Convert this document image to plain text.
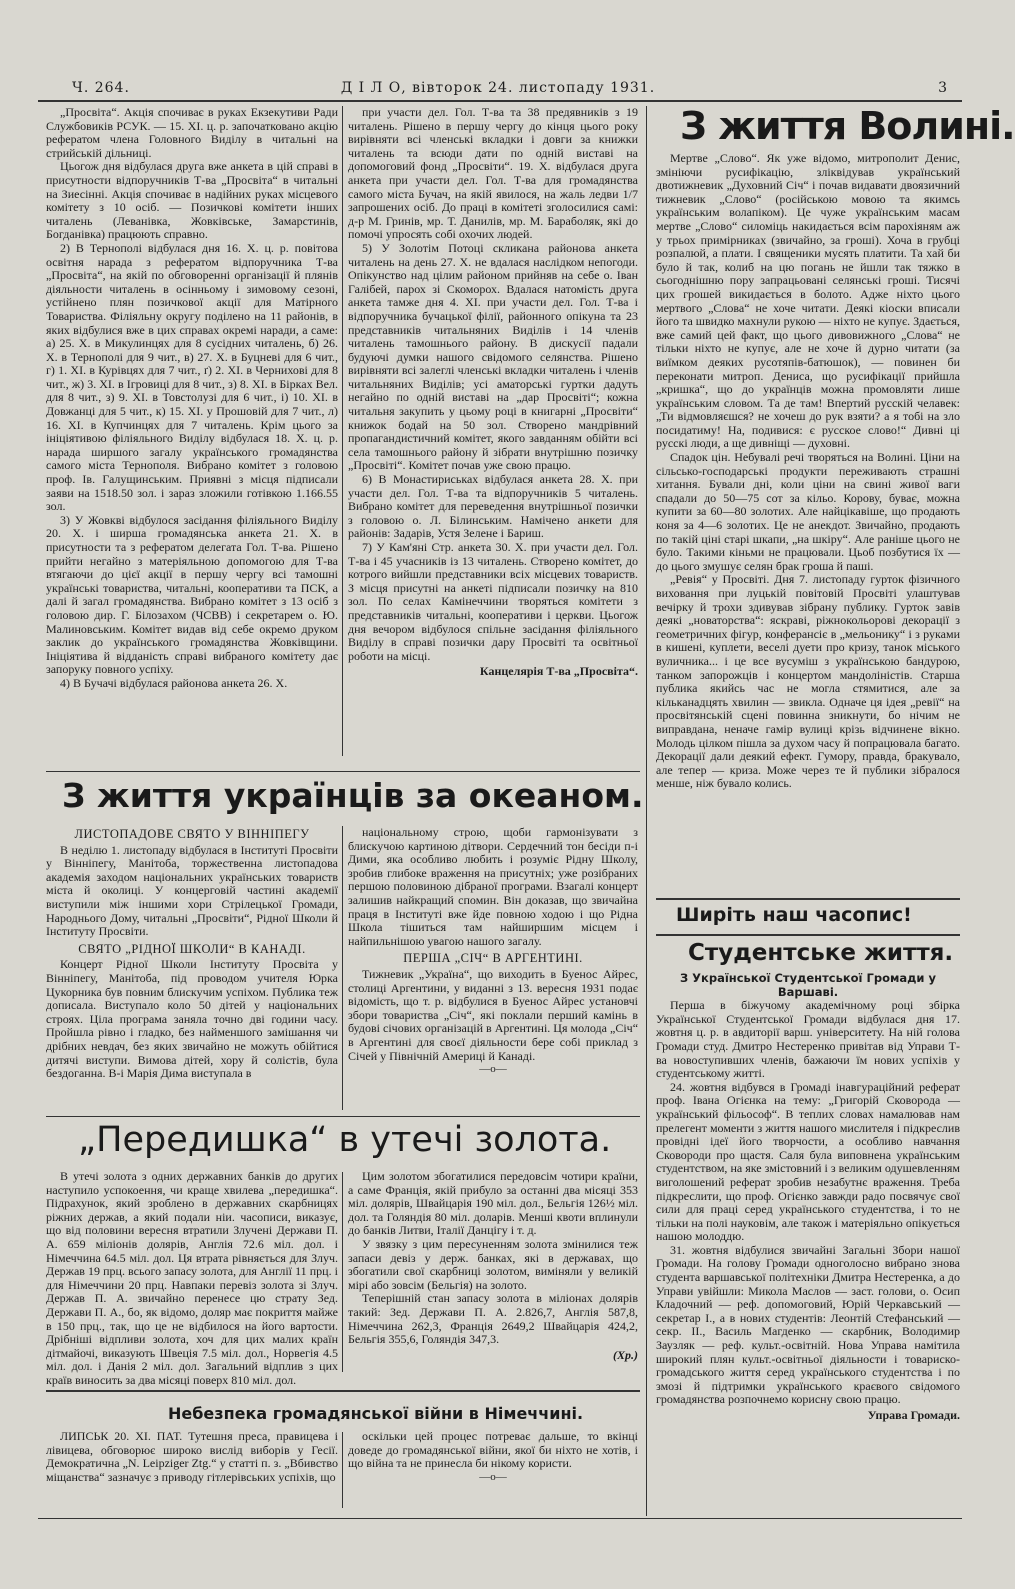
Ч. 264.	Д І Л О, вівторок 24. листопаду 1931.	3

„Просвіта“. Акція спочиває в руках Екзекутиви Ради Службовиків РСУК. — 15. XI. ц. р. започатковано акцію рефератом члена Головного Виділу в читальні на стрийській дільниці.

Цьогож дня відбулася друга вже анкета в цій справі в присутности відпоручників Т-ва „Просвіта“ в читальні на Зиесінні. Акція спочиває в надійних руках місцевого комітету з 10 осіб. — Позичкові комітети інших читалень (Леванівка, Жовківське, Замарстинів, Богданівка) працюють справно.

2) В Тернополі відбулася дня 16. X. ц. р. повітова освітня нарада з рефератом відпоручника Т-ва „Просвіта“, на якій по обговоренні організації й плянів діяльности читалень в осінньому і зимовому сезоні, устійнено плян позичкової акції для Матірного Товариства. Філіяльну округу поділено на 11 районів, в яких відбулися вже в цих справах окремі наради, а саме: а) 25. X. в Микулинцях для 8 сусідних читалень, б) 26. X. в Тернополі для 9 чит., в) 27. X. в Буцневі для 6 чит., г) 1. XI. в Курівцях для 7 чит., ґ) 2. XI. в Черниховi для 8 чит., ж) 3. XI. в Ігровиці для 8 чит., з) 8. XI. в Бірках Вел. для 8 чит., з) 9. XI. в Товстолузі для 6 чит., і) 10. XI. в Довжанці для 5 чит., к) 15. XI. у Прошовій для 7 чит., л) 16. XI. в Купчинцях для 7 читалень. Крім цього за ініціятивою філіяльного Виділу відбулася 18. X. ц. р. нарада ширшого загалу українського громадянства самого міста Тернополя. Вибрано комітет з головою проф. Ів. Галущинським. Приявні з місця підписали заяви на 1518.50 зол. і зараз зложили готівкою 1.166.55 зол.

3) У Жовкві відбулося засідання філіяльного Виділу 20. X. і ширша громадянська анкета 21. X. в присутности та з рефератом делегата Гол. Т-ва. Рішено прийти негайно з матеріяльною допомогою для Т-ва втягаючи до цієї акції в першу чергу всі тамошні українські товариства, читальні, кооперативи та ПСК, а далі й загал громадянства. Вибрано комітет з 13 осіб з головою дир. Г. Білозахом (ЧСВВ) і секретарем о. Ю. Малиновським. Комітет видав від себе окремо друком заклик до українського громадянства Жовківщини. Ініціятива й відданість справі вибраного комітету дає запоруку повного успіху.

4) В Бучачі відбулася районова анкета 26. X.

при участи дел. Гол. Т-ва та 38 предявників з 19 читалень. Рішено в першу чергу до кінця цього року вирівняти всі членські вкладки і довги за книжки читалень та всюди дати по одній виставі на допомоговий фонд „Просвіти“. 19. X. відбулася друга анкета при участи дел. Гол. Т-ва для громадянства самого міста Бучач, на якій явилося, на жаль ледви 1/7 запрошених осіб. До праці в комітеті зголосилися самі: д-р М. Гринів, мр. Т. Данилів, мр. М. Бараболяк, які до помочі упросять собі охочих людей.

5) У Золотім Потоці скликана районова анкета читалень на день 27. X. не вдалася наслідком непогоди. Опікунство над цілим районом прийняв на себе о. Іван Галібей, парох зі Скоморох. Вдалася натомість друга анкета тамже дня 4. XI. при участи дел. Гол. Т-ва і відпоручника бучацької філії, районного опікуна та 23 представників читальняних Виділів і 14 членів читалень тамошнього району. В дискусії падали будуючі думки нашого свідомого селянства. Рішено вирівняти всі залеглі членські вкладки читалень і членів читальняних Виділів; усі аматорські гуртки дадуть негайно по одній виставі на „дар Просвіті“; кожна читальня закупить у цьому році в книгарні „Просвіти“ книжок бодай на 50 зол. Створено мандрівний пропагандистичний комітет, якого завданням обійти всі села тамошнього району й зібрати внутрішню позичку „Просвіті“. Комітет почав уже свою працю.

6) В Монастириськах відбулася анкета 28. X. при участи дел. Гол. Т-ва та відпоручників 5 читалень. Вибрано комітет для переведення внутрішньої позички з головою о. Л. Білинським. Намічено анкети для районів: Задарів, Устя Зелене і Бариш.

7) У Кам'яні Стр. анкета 30. X. при участи дел. Гол. Т-ва і 45 учасників із 13 читалень. Створено комітет, до котрого вийшли представники всіх місцевих товариств. З місця присутні на анкеті підписали позичку на 810 зол. По селах Камінеччини творяться комітети з представників читальні, кооперативи і церкви. Цьогож дня вечором відбулося спільне засідання філіяльного Виділу в справі позички дару Просвіті та освітньої роботи на місці.

Канцелярія Т-ва „Просвіта“.

З життя Волині.

Мертве „Слово“. Як уже відомо, митрополит Денис, змініючи русифікацію, зліквідував український двотижневик „Духовний Січ“ і почав видавати двоязичний тижневик „Слово“ (російською мовою та якимсь українським волапіком). Це чуже українським масам мертве „Слово“ силоміць накидається всім парохіяням аж у трьох примірниках (звичайно, за гроші). Хоча в грубці розпалюй, а плати. І священики мусять платити. Та хай би було й так, колиб на цю погань не йшли так тяжко в сьогоднішню пору запрацьовані селянські гроші. Тисячі цих грошей викидається в болото. Адже ніхто цього мертвого „Слова“ не хоче читати. Деякі кіоски вписали його та швидко махнули рукою — ніхто не купує. Здається, вже самий цей факт, що цього дивовижного „Слова“ не тільки ніхто не купує, але не хоче й дурно читати (за виїмком деяких русотяпів-батюшок), — повинен би переконати митроп. Дениса, що русифікації прийшла „кришка“, що до українців можна промовляти лише українським словом. Та де там! Впертий русскій челавек: „Ти відмовляєшся? не хочеш до рук взяти? а я тобі на зло посидатиму! На, подивися: є русское слово!“ Дивні ці русскі люди, а ще дивніщі — духовні.

Спадок цін. Небувалі речі творяться на Волині. Ціни на сільсько-господарські продукти переживають страшні хитання. Бували дні, коли ціни на свині живої ваги спадали до 50—75 сот за кільо. Корову, буває, можна купити за 60—80 золотих. Але найцікавіше, що продають коня за 4—6 золотих. Це не анекдот. Звичайно, продають по такій ціні старі шкапи, „на шкіру“. Але раніше цього не було. Такими кіньми не працювали. Цьоб позбутися їх — до цього змушує селян брак гроша й паші.

„Ревія“ у Просвіті. Дня 7. листопаду гурток фізичного виховання при луцькій повітовій Просвіті улаштував вечірку й трохи здивував зібрану публику. Гурток завів деякі „новаторства“: яскраві, ріжнокольорові декорації з геометричних фігур, конферансіє в „мельонику“ і з руками в кишені, куплети, веселі дуети про кризу, танок міського вуличника... і це все вусуміш з українською бандурою, танком запорожців і концертом мандоліністів. Старша публика якийсь час не могла стямитися, але за кільканадцять хвилин — звикла. Одначе ця ідея „ревії“ на просвітянській сцені повинна зникнути, бо нічим не виправдана, неначе гамір вулиці крізь відчинене вікно. Молодь цілком пішла за духом часу й попрацювала багато. Декорації дали деякий ефект. Гумору, правда, бракувало, але тепер — криза. Може через те й публики зібралося менше, ніж бувало колись.

Ширіть наш часопис!
Студентське життя.

З Української Студентської Громади у Варшаві.

Перша в біжучому академічному році збірка Української Студентської Громади відбулася дня 17. жовтня ц. р. в авдиторії варш. університету. На ній голова Громади студ. Дмитро Нестеренко привітав від Управи Т-ва новоступивших членів, бажаючи їм нових успіхів у студентському житті.

24. жовтня відбувся в Громаді інавгураційний реферат проф. Івана Огієнка на тему: „Григорій Сковорода — український фільософ“. В теплих словах намалював нам прелегент моменти з життя нашого мислителя і підкреслив провідні ідеї його творчости, а особливо навчання Сковороди про щастя. Саля була виповнена українським студентством, на яке змістовний і з великим одушевленням виголошений реферат зробив незабутнє враження. Треба підкреслити, що проф. Огієнко завжди радо посвячує свої сили для праці серед українського студентства, і то не тільки на полі науковім, але також і матеріяльно опікується нашою молоддю.

31. жовтня відбулися звичайні Загальні Збори нашої Громади. На голову Громади одноголосно вибрано знова студента варшавської політехніки Дмитра Нестеренка, а до Управи увійшли: Микола Маслов — заст. голови, о. Осип Кладочний — реф. допомоговий, Юрій Черкавський — секретар І., а в нових студентів: Леонтій Стефанський — секр. ІІ., Василь Магденко — скарбник, Володимир Заузляк — реф. культ.-освітній. Нова Управа намітила широкий плян культ.-освітньої діяльности і товариско-громадського життя серед українського студентства і по змозі й підтримки українського краєвого свідомого громадянства розпочнемо корисну свою працю.

Управа Громади.

З життя українців за океаном.

ЛИСТОПАДОВЕ СВЯТО У ВІННІПЕГУ

В неділю 1. листопаду відбулася в Інституті Просвіти у Вінніпегу, Манітоба, торжественна листопадова академія заходом національних українських товариств міста й околиці. У концерговій частині академії виступили між іншими хори Стрілецької Громади, Народнього Дому, читальні „Просвіти“, Рідної Школи й Інституту Просвіти.

СВЯТО „РІДНОЇ ШКОЛИ“ В КАНАДІ.

Концерт Рідної Школи Інституту Просвіта у Вінніпегу, Манітоба, під проводом учителя Юрка Цукорника був повним блискучим успіхом. Публика теж дописала. Виступало коло 50 дітей у національних строях. Цілa програма заняла точно дві години часу. Пройшла рівно і гладко, без найменшого замішання чи дрібних невдач, без яких звичайно не можуть обійтися дитячі виступи. Вимова дітей, хору й солістів, була бездоганна. В-і Марія Дима виступала в

національному строю, щоби гармонізувати з блискучою картиною дітвори. Сердечний тон бесіди п-і Дими, яка особливо любить і розуміє Рідну Школу, зробив глибоке враження на присутніх; уже розібраних першою половиною дібраної програми. Взагалі концерт залишив найкращий спомин. Він доказав, що звичайна праця в Інституті вже йде повною ходою і що Рідна Школа тішиться там найширшим місцем і найпильнішою увагою нашого загалу.

ПЕРША „СІЧ“ В АРГЕНТИНІ.

Тижневик „Україна“, що виходить в Буенос Айрес, столиці Аргентини, у виданні з 13. вересня 1931 подає відомість, що т. р. відбулися в Буенос Айрес установчі збори товариства „Січ“, які поклали перший камінь в будові січових організацій в Аргентині. Ця молода „Січ“ в Аргентині для своєї діяльности бере собі приклад з Січей у Північній Америці й Канаді.

—о—

„Передишка“ в утечі золота.

В утечі золота з одних державних банків до других наступило успокоення, чи краще хвилева „передишка“. Підрахунок, який зроблено в державних скарбницях ріжних держав, а який подали ніи. часописи, виказує, що від половини вересня втратили Злучені Держави П. А. 659 міліонів долярів, Англія 72.6 міл. дол. і Німеччина 64.5 міл. дол. Ця втрата рівняється для Злуч. Держав 19 прц. всього запасу золота, для Англії 11 прц. і для Німеччини 20 прц. Навпаки перевіз золота зі Злуч. Держав П. А. звичайно перенесе цю страту Зед. Держави П. А., бо, як відомо, доляр має покриття майже в 150 прц., так, що це не відбилося на його вартости. Дрібніші відпливи золота, хоч для цих малих країн дітмайочі, виказують Швеція 7.5 міл. дол., Норвегія 4.5 міл. дол. і Данія 2 міл. дол. Загальний відплив з цих країв виносить за два місяці поверх 810 міл. дол.

Цим золотом збогатилися передовсім чотири країни, а саме Франція, якій прибуло за останні два місяці 353 міл. долярів, Швайцарія 190 міл. дол., Бельгія 126½ міл. дол. та Голяндія 80 міл. доларів. Менші квоти вплинули до банків Литви, Італії Данцігу і т. д.

У звязку з цим пересуненням золота змінилися теж запаси девіз у держ. банках, які в державах, що збогатили свої скарбниці золотом, виміняли у великій мірі або зовсім (Бельгія) на золото.

Теперішній стан запасу золота в міліонах долярів такий: Зед. Держави П. А. 2.826,7, Англія 587,8, Німеччина 262,3, Франція 2649,2 Швайцарія 424,2, Бельгія 355,6, Голяндія 347,3.

(Хр.)

Небезпека громадянської війни в Німеччині.

ЛИПСЬК 20. XI. ПАТ. Тутешня преса, правицева і лівицева, обговорює широко вислід виборів у Гесії. Демократична „N. Leipziger Ztg.“ у статті п. з. „Вбивство міщанства“ зазначує з приводу гітлерівських успіхів, що

оскільки цей процес потреває дальше, то вкінці доведе до громадянської війни, якої би ніхто не хотів, і що війна та не принесла би нікому користи.

—о—
